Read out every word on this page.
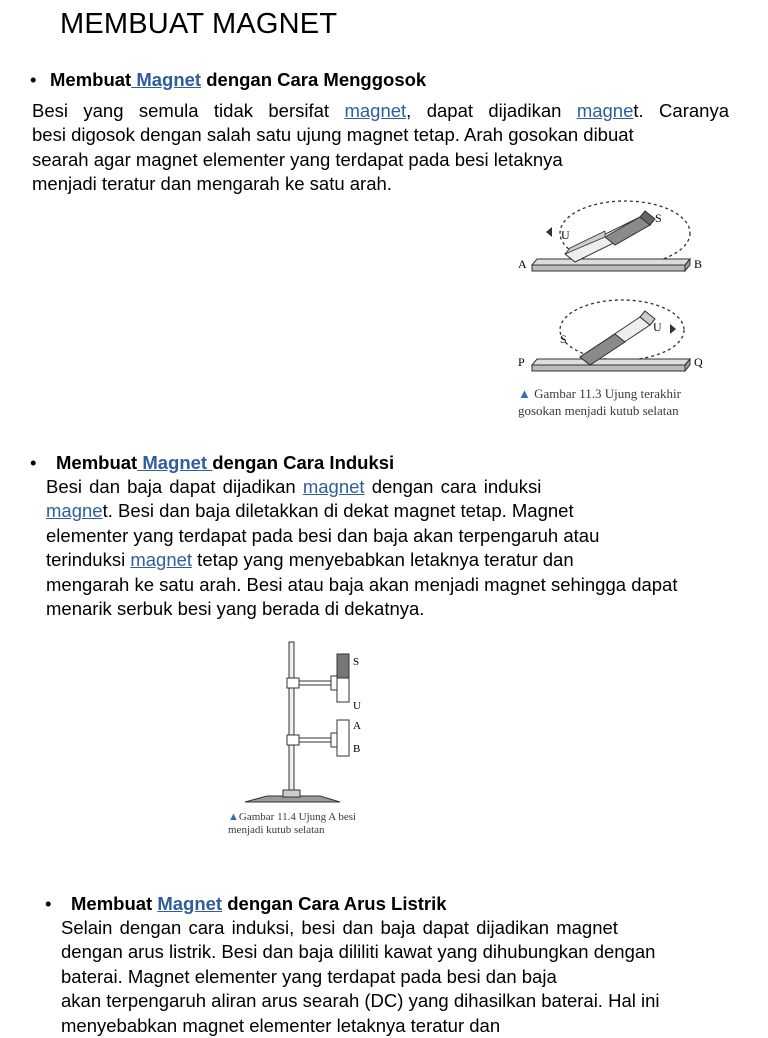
MEMBUAT MAGNET
• Membuat Magnet dengan Cara Menggosok
Besi yang semula tidak bersifat magnet, dapat dijadikan magnet. Caranya
besi digosok dengan salah satu ujung magnet tetap. Arah gosokan dibuat
searah agar magnet elementer yang terdapat pada besi letaknya
menjadi teratur dan mengarah ke satu arah.
U
S
A	B
S
U
P	Q
▲ Gambar 11.3 Ujung terakhir
gosokan menjadi kutub selatan
• Membuat Magnet dengan Cara Induksi
Besi dan baja dapat dijadikan magnet dengan cara induksi
magnet. Besi dan baja diletakkan di dekat magnet tetap. Magnet
elementer yang terdapat pada besi dan baja akan terpengaruh atau
terinduksi magnet tetap yang menyebabkan letaknya teratur dan
mengarah ke satu arah. Besi atau baja akan menjadi magnet sehingga dapat
menarik serbuk besi yang berada di dekatnya.
S
U
A
B
▲Gambar 11.4 Ujung A besi
menjadi kutub selatan
• Membuat Magnet dengan Cara Arus Listrik
Selain dengan cara induksi, besi dan baja dapat dijadikan magnet
dengan arus listrik. Besi dan baja dililiti kawat yang dihubungkan dengan
baterai. Magnet elementer yang terdapat pada besi dan baja
akan terpengaruh aliran arus searah (DC) yang dihasilkan baterai. Hal ini
menyebabkan magnet elementer letaknya teratur dan
